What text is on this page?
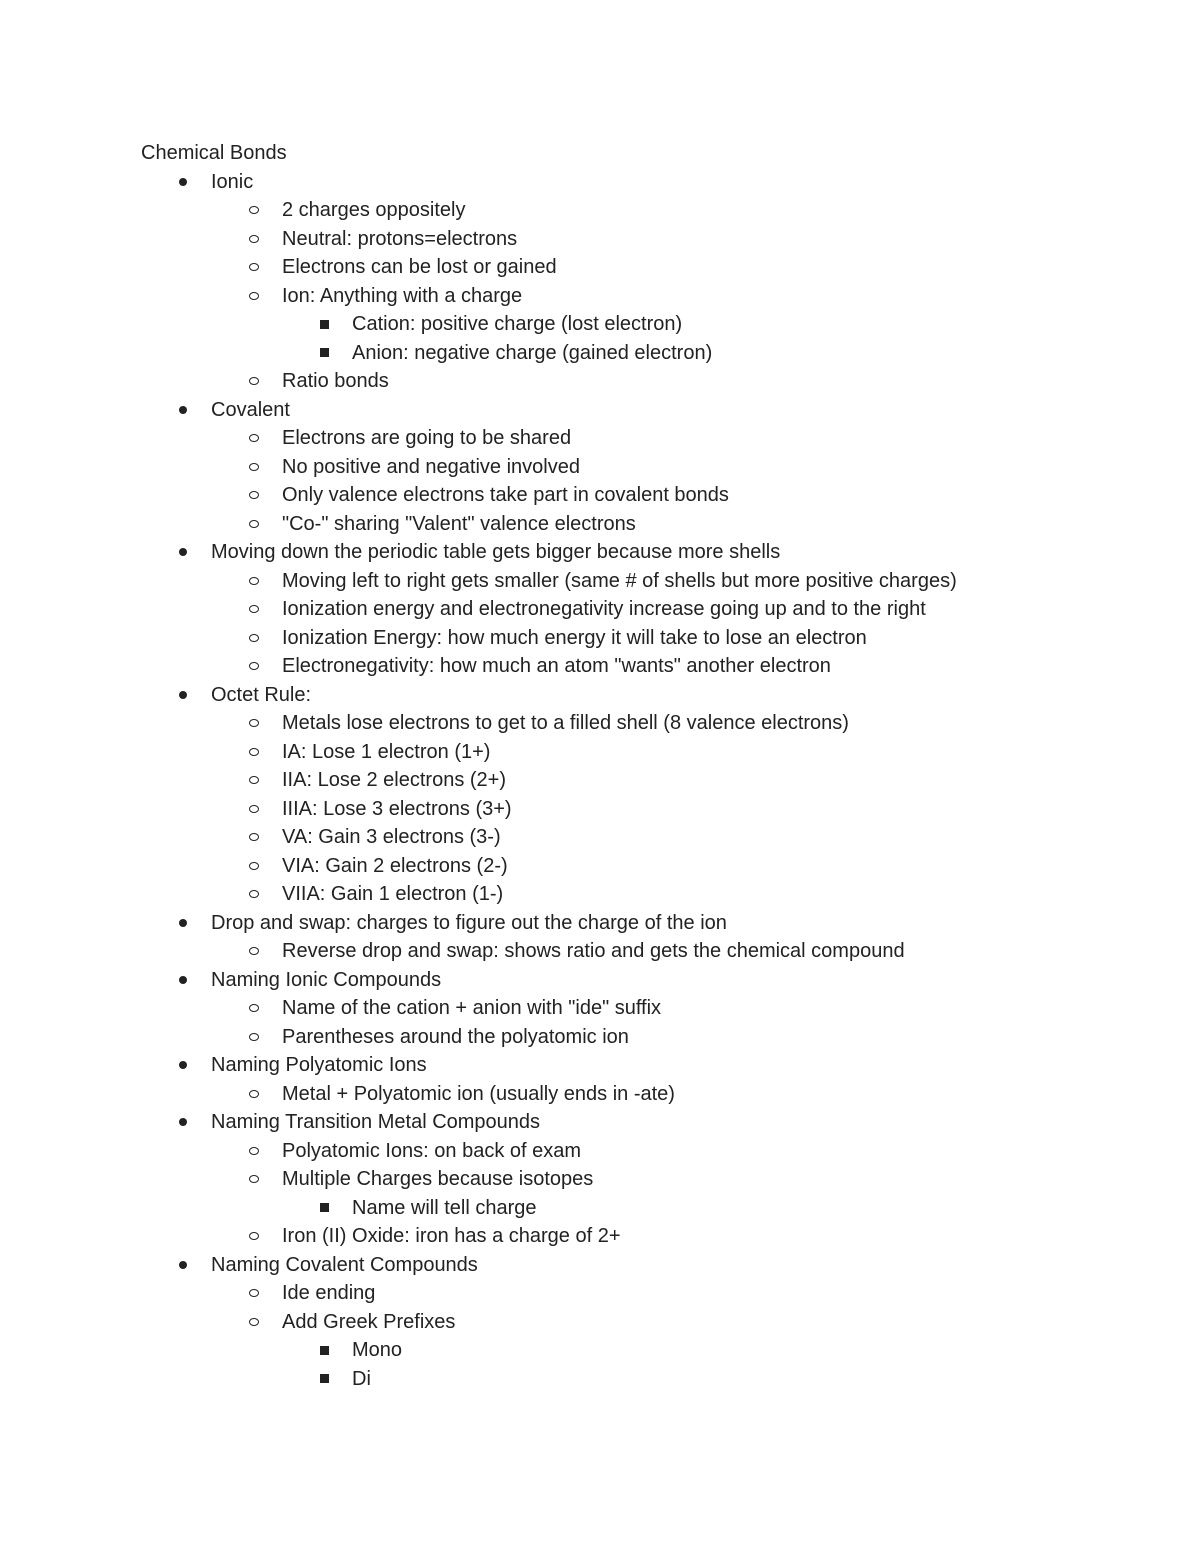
Chemical Bonds
Ionic
2 charges oppositely
Neutral: protons=electrons
Electrons can be lost or gained
Ion: Anything with a charge
Cation: positive charge (lost electron)
Anion: negative charge (gained electron)
Ratio bonds
Covalent
Electrons are going to be shared
No positive and negative involved
Only valence electrons take part in covalent bonds
"Co-" sharing "Valent" valence electrons
Moving down the periodic table gets bigger because more shells
Moving left to right gets smaller (same # of shells but more positive charges)
Ionization energy and electronegativity increase going up and to the right
Ionization Energy: how much energy it will take to lose an electron
Electronegativity: how much an atom "wants" another electron
Octet Rule:
Metals lose electrons to get to a filled shell (8 valence electrons)
IA: Lose 1 electron (1+)
IIA: Lose 2 electrons (2+)
IIIA: Lose 3 electrons (3+)
VA: Gain 3 electrons (3-)
VIA: Gain 2 electrons (2-)
VIIA: Gain 1 electron (1-)
Drop and swap: charges to figure out the charge of the ion
Reverse drop and swap: shows ratio and gets the chemical compound
Naming Ionic Compounds
Name of the cation + anion with "ide" suffix
Parentheses around the polyatomic ion
Naming Polyatomic Ions
Metal + Polyatomic ion (usually ends in -ate)
Naming Transition Metal Compounds
Polyatomic Ions: on back of exam
Multiple Charges because isotopes
Name will tell charge
Iron (II) Oxide: iron has a charge of 2+
Naming Covalent Compounds
Ide ending
Add Greek Prefixes
Mono
Di
